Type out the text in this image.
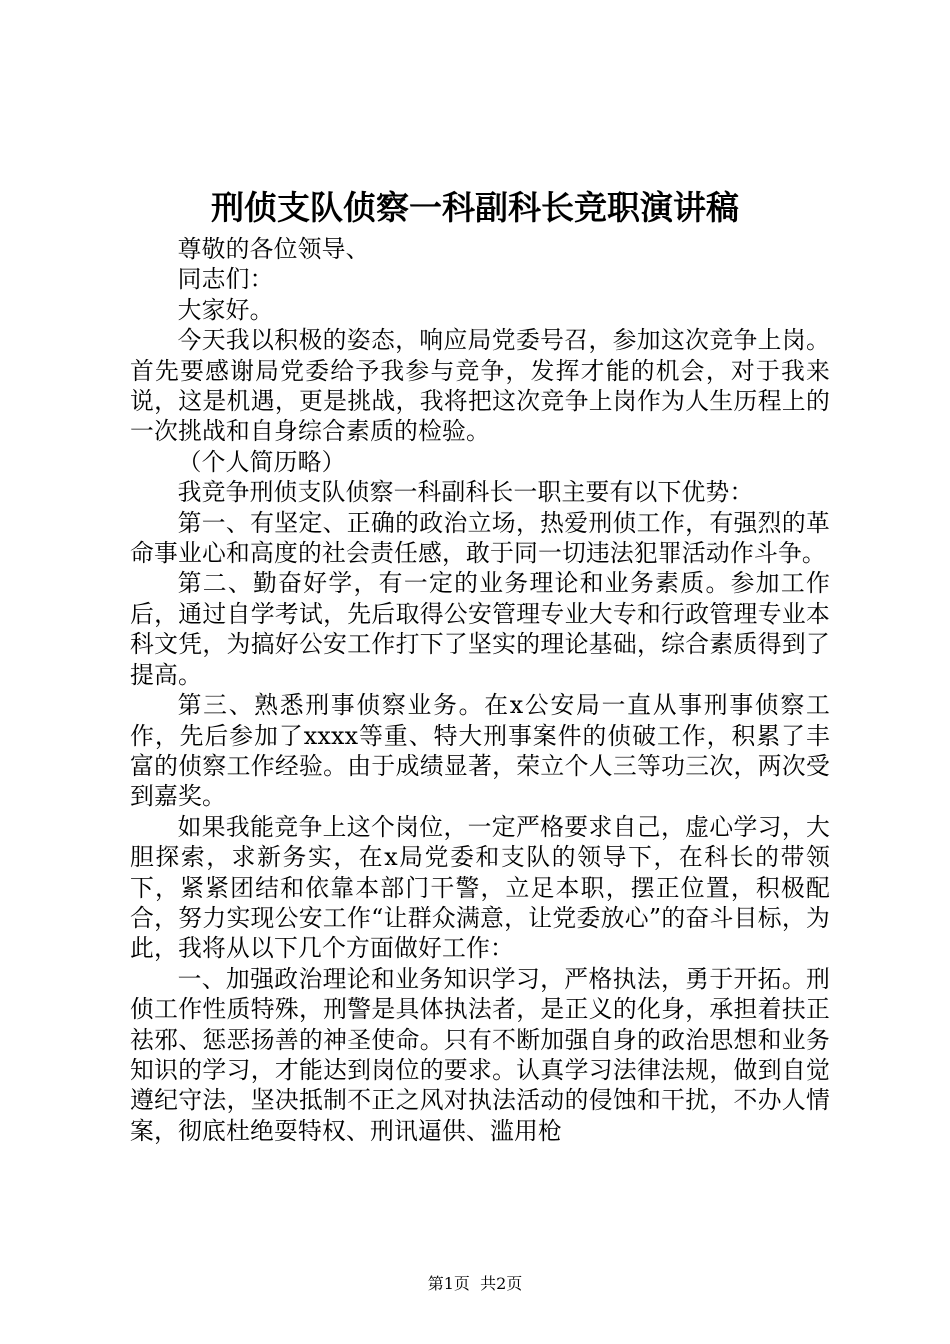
刑侦支队侦察一科副科长竞职演讲稿

尊敬的各位领导、

同志们：

大家好。

今天我以积极的姿态，响应局党委号召，参加这次竞争上岗。首先要感谢局党委给予我参与竞争，发挥才能的机会，对于我来说，这是机遇，更是挑战，我将把这次竞争上岗作为人生历程上的一次挑战和自身综合素质的检验。

（个人简历略）

我竞争刑侦支队侦察一科副科长一职主要有以下优势：

第一、有坚定、正确的政治立场，热爱刑侦工作，有强烈的革命事业心和高度的社会责任感，敢于同一切违法犯罪活动作斗争。

第二、勤奋好学，有一定的业务理论和业务素质。参加工作后，通过自学考试，先后取得公安管理专业大专和行政管理专业本科文凭，为搞好公安工作打下了坚实的理论基础，综合素质得到了提高。

第三、熟悉刑事侦察业务。在x公安局一直从事刑事侦察工作，先后参加了xxxx等重、特大刑事案件的侦破工作，积累了丰富的侦察工作经验。由于成绩显著，荣立个人三等功三次，两次受到嘉奖。

如果我能竞争上这个岗位，一定严格要求自己，虚心学习，大胆探索，求新务实，在x局党委和支队的领导下，在科长的带领下，紧紧团结和依靠本部门干警，立足本职，摆正位置，积极配合，努力实现公安工作“让群众满意，让党委放心”的奋斗目标，为此，我将从以下几个方面做好工作：

一、加强政治理论和业务知识学习，严格执法，勇于开拓。刑侦工作性质特殊，刑警是具体执法者，是正义的化身，承担着扶正祛邪、惩恶扬善的神圣使命。只有不断加强自身的政治思想和业务知识的学习，才能达到岗位的要求。认真学习法律法规，做到自觉遵纪守法，坚决抵制不正之风对执法活动的侵蚀和干扰，不办人情案，彻底杜绝耍特权、刑讯逼供、滥用枪

第1页  共2页
